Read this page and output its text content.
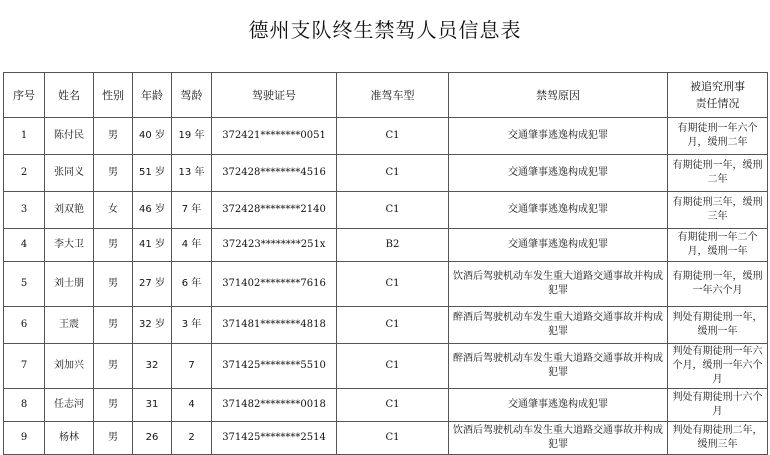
德州支队终生禁驾人员信息表
序号	姓名	性别	年龄	驾龄	驾驶证号	准驾车型	禁驾原因	被追究刑事
责任情况

1	陈付民	男	40 岁	19 年	372421********0051	C1	交通肇事逃逸构成犯罪	有期徒刑一年六个月，缓刑二年
2	张同义	男	51 岁	13 年	372428********4516	C1	交通肇事逃逸构成犯罪	有期徒刑一年，缓刑二年
3	刘双艳	女	46 岁	7 年	372428********2140	C1	交通肇事逃逸构成犯罪	有期徒刑三年，缓刑三年
4	李大卫	男	41 岁	4 年	372423********251x	B2	交通肇事逃逸构成犯罪	有期徒刑一年二个月，缓刑一年
5	刘士朋	男	27 岁	6 年	371402********7616	C1	饮酒后驾驶机动车发生重大道路交通事故并构成犯罪	有期徒刑一年，缓刑一年六个月
6	王震	男	32 岁	3 年	371481********4818	C1	醉酒后驾驶机动车发生重大道路交通事故并构成犯罪	判处有期徒刑一年，缓刑一年
7	刘加兴	男	32	7	371425********5510	C1	醉酒后驾驶机动车发生重大道路交通事故并构成犯罪	判处有期徒刑一年六个月，缓刑一年六个月
8	任志河	男	31	4	371482********0018	C1	交通肇事逃逸构成犯罪	判处有期徒刑十六个月
9	杨林	男	26	2	371425********2514	C1	饮酒后驾驶机动车发生重大道路交通事故并构成犯罪	判处有期徒刑二年，缓刑三年
